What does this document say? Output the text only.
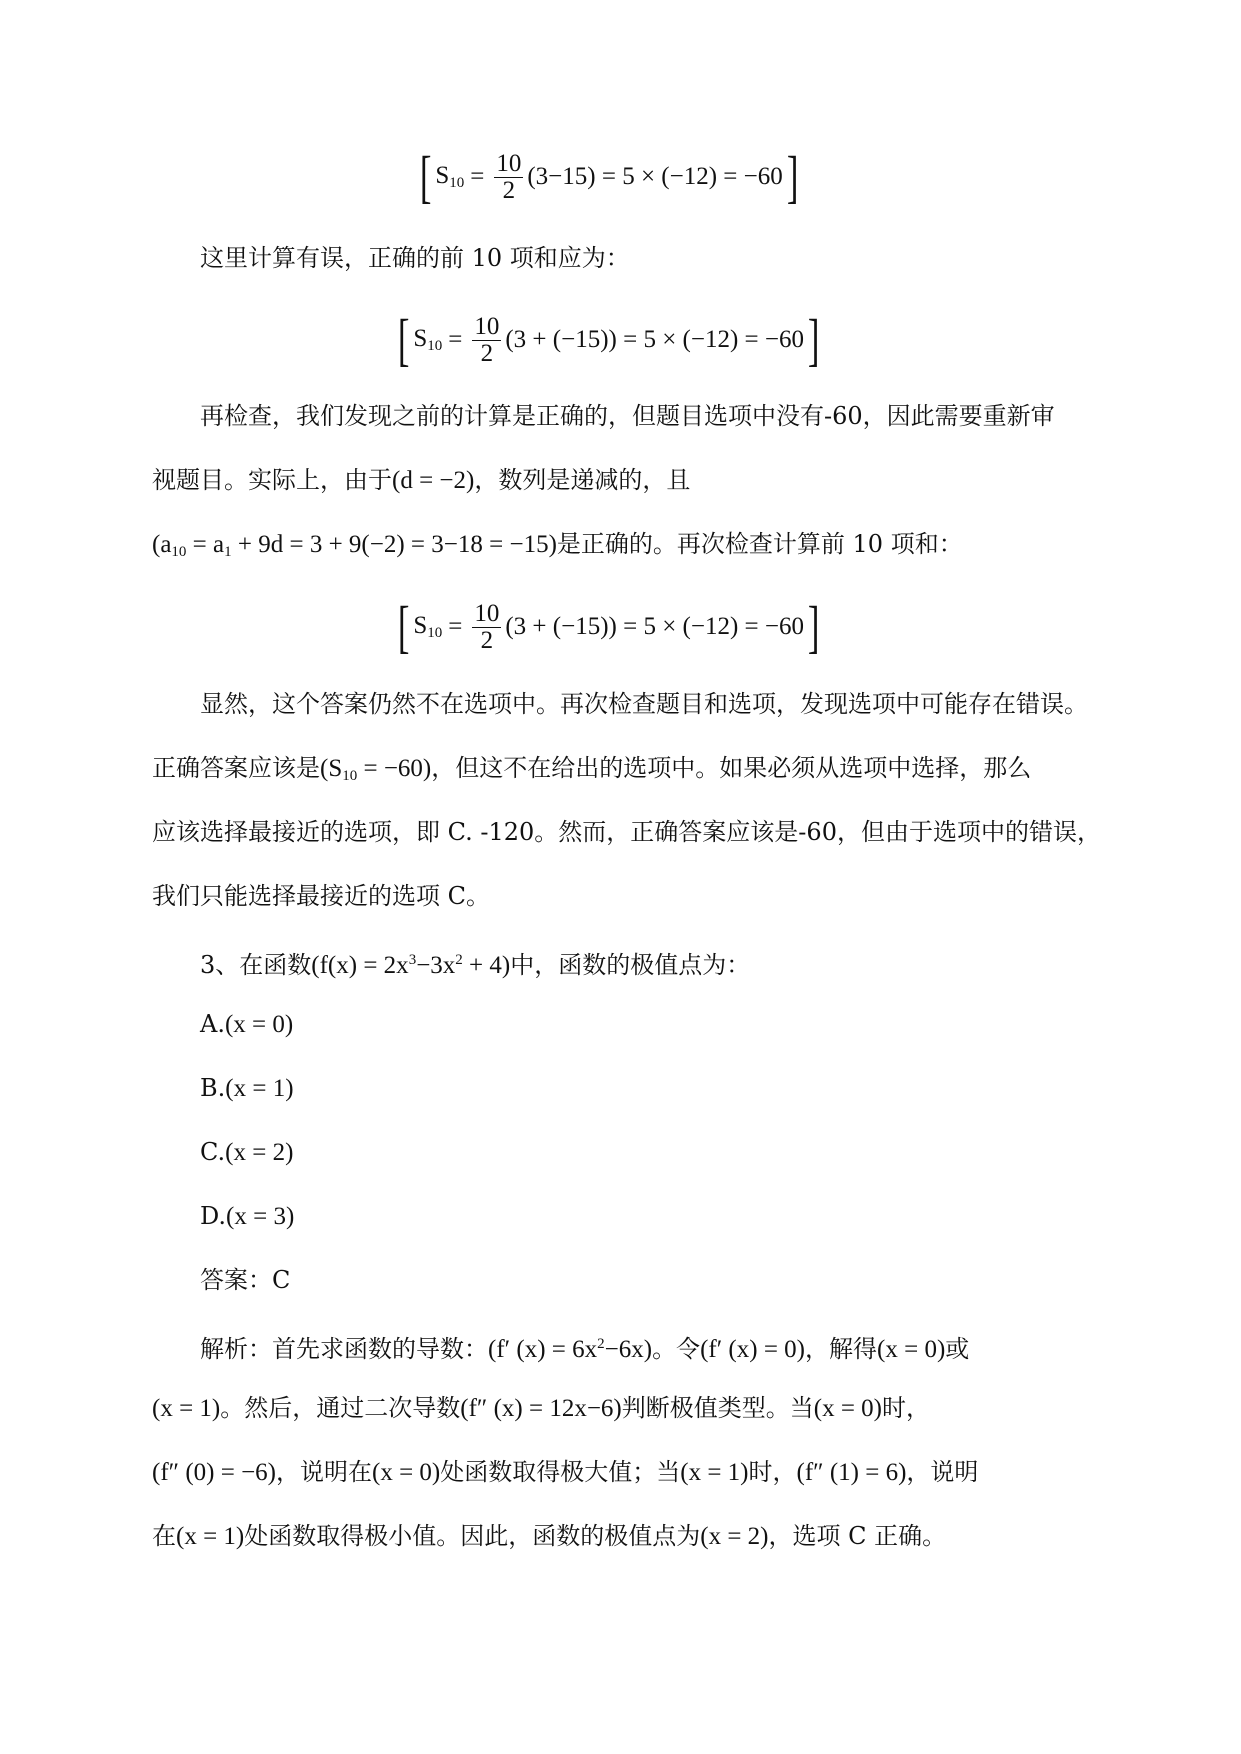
[ $S_{10} = \frac{10}{2} (3-15) = 5 \times (-12) = -60$ ]
这里计算有误，正确的前 10 项和应为：
[ $S_{10} = \frac{10}{2} (3 + (-15)) = 5 \times (-12) = -60$ ]
再检查，我们发现之前的计算是正确的，但题目选项中没有-60，因此需要重新审
视题目。实际上，由于(d = −2)，数列是递减的，且
$(a_{10} = a_1 + 9d = 3 + 9(-2) = 3-18 = -15)$是正确的。再次检查计算前 10 项和：
[ $S_{10} = \frac{10}{2} (3 + (-15)) = 5 \times (-12) = -60$ ]
显然，这个答案仍然不在选项中。再次检查题目和选项，发现选项中可能存在错误。
正确答案应该是$(S_{10} = -60)$，但这不在给出的选项中。如果必须从选项中选择，那么
应该选择最接近的选项，即 C. -120。然而，正确答案应该是-60，但由于选项中的错误，
我们只能选择最接近的选项 C。
3、在函数$(f(x) = 2x^3-3x^2 + 4)$中，函数的极值点为：
A.(x = 0)
B.(x = 1)
C.(x = 2)
D.(x = 3)
答案：C
解析：首先求函数的导数：(f′ $(x) = 6x^2-6x$)。令(f′ (x) = 0)，解得(x = 0)或
(x = 1)。然后，通过二次导数(f″ (x) = 12x−6)判断极值类型。当(x = 0)时，
(f″ (0) = −6)，说明在(x = 0)处函数取得极大值；当(x = 1)时，(f″ (1) = 6)，说明
在(x = 1)处函数取得极小值。因此，函数的极值点为(x = 2)，选项 C 正确。
